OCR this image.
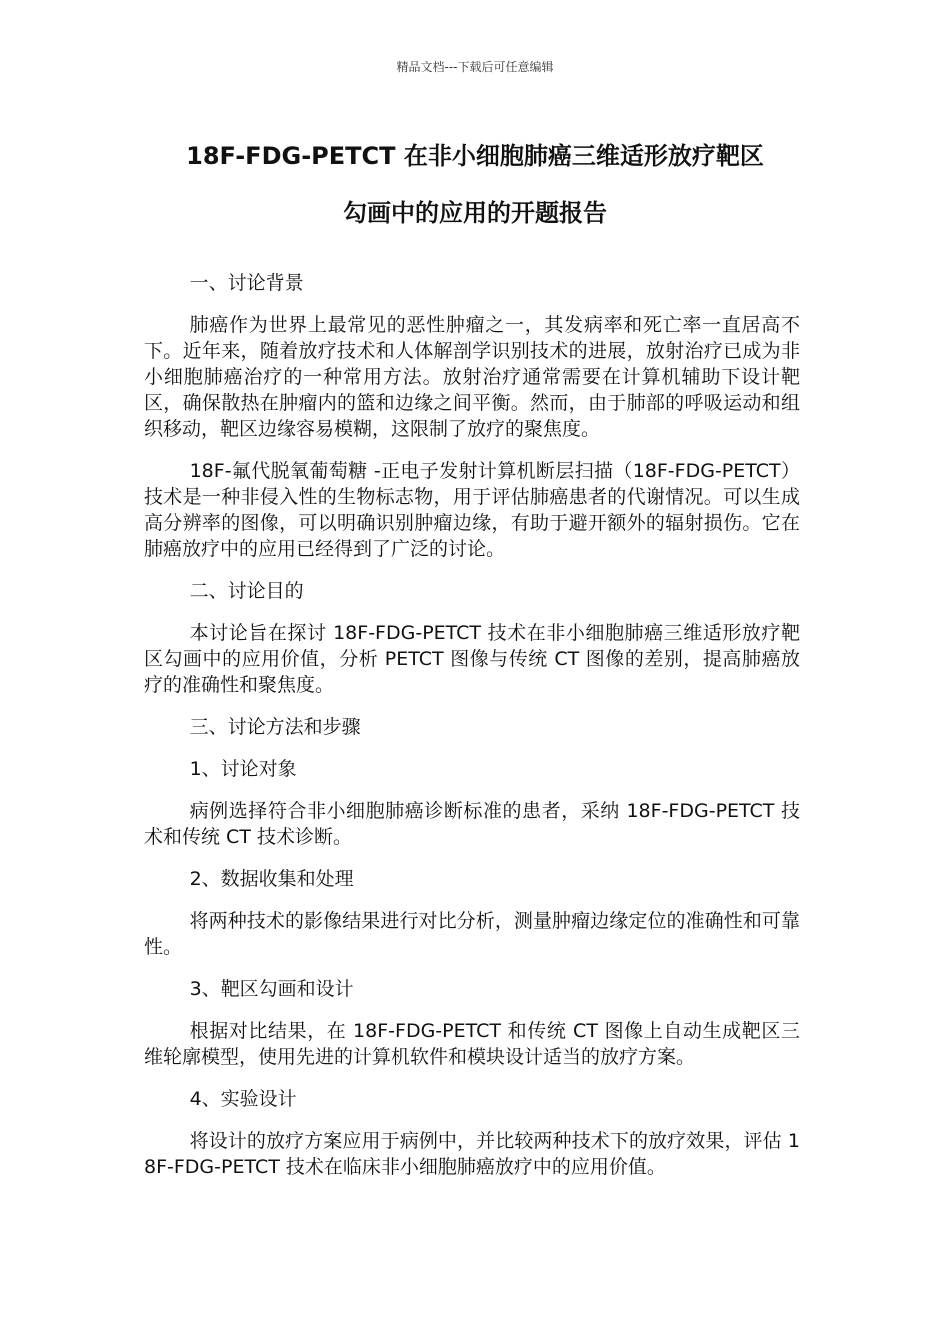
精品文档---下载后可任意编辑
18F-FDG-PETCT 在非小细胞肺癌三维适形放疗靶区
勾画中的应用的开题报告

一、讨论背景

肺癌作为世界上最常见的恶性肿瘤之一，其发病率和死亡率一直居高不下。近年来，随着放疗技术和人体解剖学识别技术的进展，放射治疗已成为非小细胞肺癌治疗的一种常用方法。放射治疗通常需要在计算机辅助下设计靶区，确保散热在肿瘤内的篮和边缘之间平衡。然而，由于肺部的呼吸运动和组织移动，靶区边缘容易模糊，这限制了放疗的聚焦度。

18F-氟代脱氧葡萄糖 -正电子发射计算机断层扫描（18F-FDG-PETCT）技术是一种非侵入性的生物标志物，用于评估肺癌患者的代谢情况。可以生成高分辨率的图像，可以明确识别肿瘤边缘，有助于避开额外的辐射损伤。它在肺癌放疗中的应用已经得到了广泛的讨论。

二、讨论目的

本讨论旨在探讨 18F-FDG-PETCT 技术在非小细胞肺癌三维适形放疗靶区勾画中的应用价值，分析 PETCT 图像与传统 CT 图像的差别，提高肺癌放疗的准确性和聚焦度。

三、讨论方法和步骤

1、讨论对象

病例选择符合非小细胞肺癌诊断标准的患者，采纳 18F-FDG-PETCT 技术和传统 CT 技术诊断。

2、数据收集和处理

将两种技术的影像结果进行对比分析，测量肿瘤边缘定位的准确性和可靠性。

3、靶区勾画和设计

根据对比结果，在 18F-FDG-PETCT 和传统 CT 图像上自动生成靶区三维轮廓模型，使用先进的计算机软件和模块设计适当的放疗方案。

4、实验设计

将设计的放疗方案应用于病例中，并比较两种技术下的放疗效果，评估 18F-FDG-PETCT 技术在临床非小细胞肺癌放疗中的应用价值。
